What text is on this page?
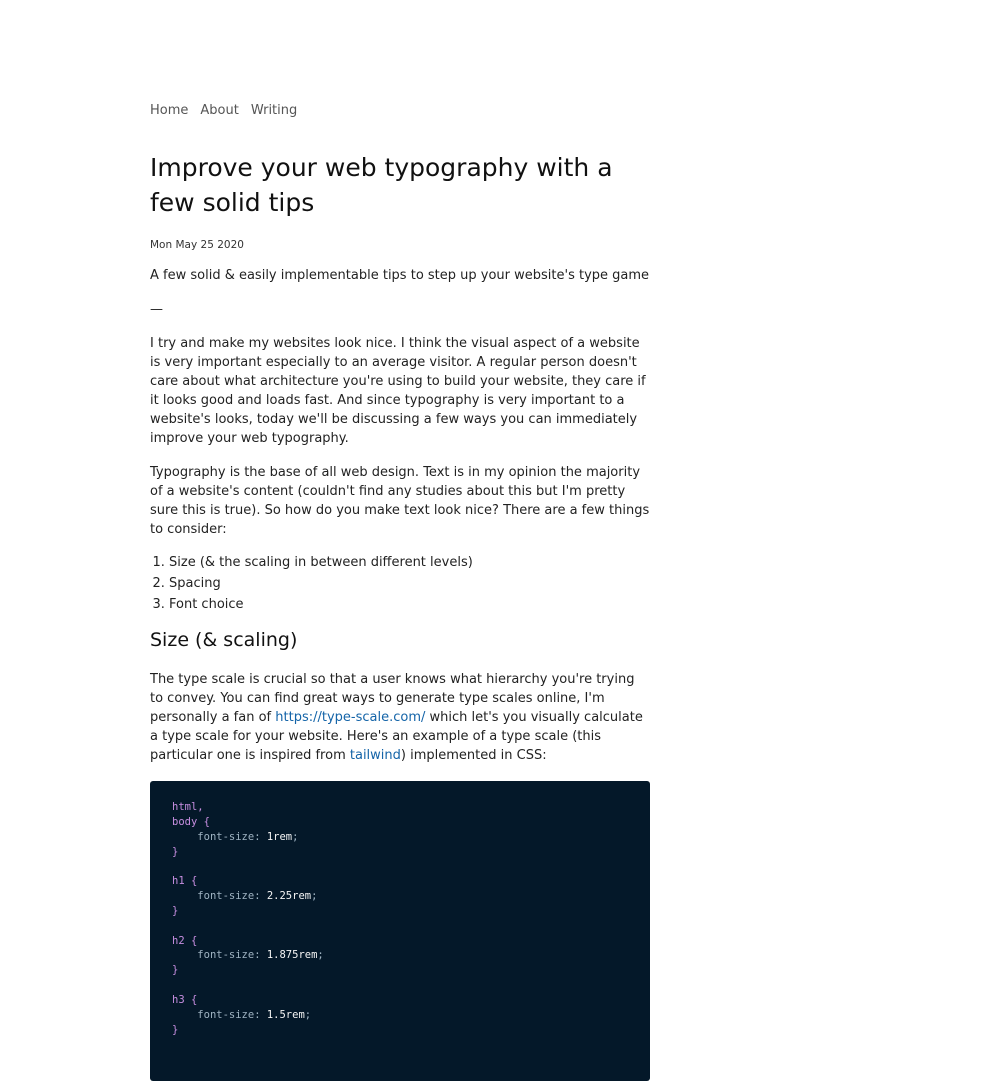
Home About Writing
Improve your web typography with a few solid tips
Mon May 25 2020

A few solid & easily implementable tips to step up your website's type game

—

I try and make my websites look nice. I think the visual aspect of a website is very important especially to an average visitor. A regular person doesn't care about what architecture you're using to build your website, they care if it looks good and loads fast. And since typography is very important to a website's looks, today we'll be discussing a few ways you can immediately improve your web typography.

Typography is the base of all web design. Text is in my opinion the majority of a website's content (couldn't find any studies about this but I'm pretty sure this is true). So how do you make text look nice? There are a few things to consider:

1. Size (& the scaling in between different levels)
2. Spacing
3. Font choice
Size (& scaling)

The type scale is crucial so that a user knows what hierarchy you're trying to convey. You can find great ways to generate type scales online, I'm personally a fan of https://type-scale.com/ which let's you visually calculate a type scale for your website. Here's an example of a type scale (this particular one is inspired from tailwind) implemented in CSS:

html,
body {
font-size: 1rem;
}

h1 {
font-size: 2.25rem;
}

h2 {
font-size: 1.875rem;
}

h3 {
font-size: 1.5rem;
}
